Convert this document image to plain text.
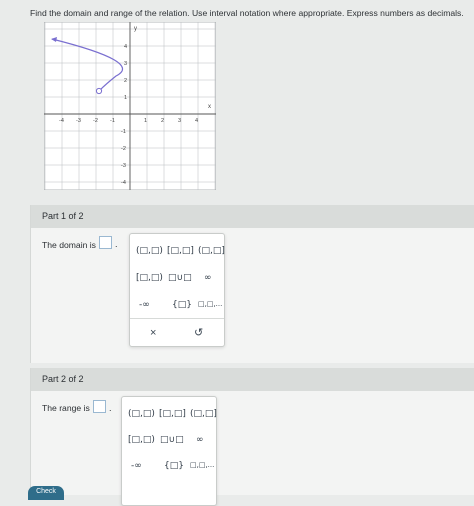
Find the domain and range of the relation. Use interval notation where appropriate. Express numbers as decimals.
x
y
-4 -3 -2 -1	1	2	3	4
4
3
2
1
-1
-2
-3
-4
Part 1 of 2
The domain is .
(□,□) [□,□] (□,□]
[□,□) □∪□ ∞
-∞ {□} □,□,...
×	↺
Part 2 of 2
The range is .
(□,□) [□,□] (□,□]
[□,□) □∪□ ∞
-∞ {□} □,□,...
Check
